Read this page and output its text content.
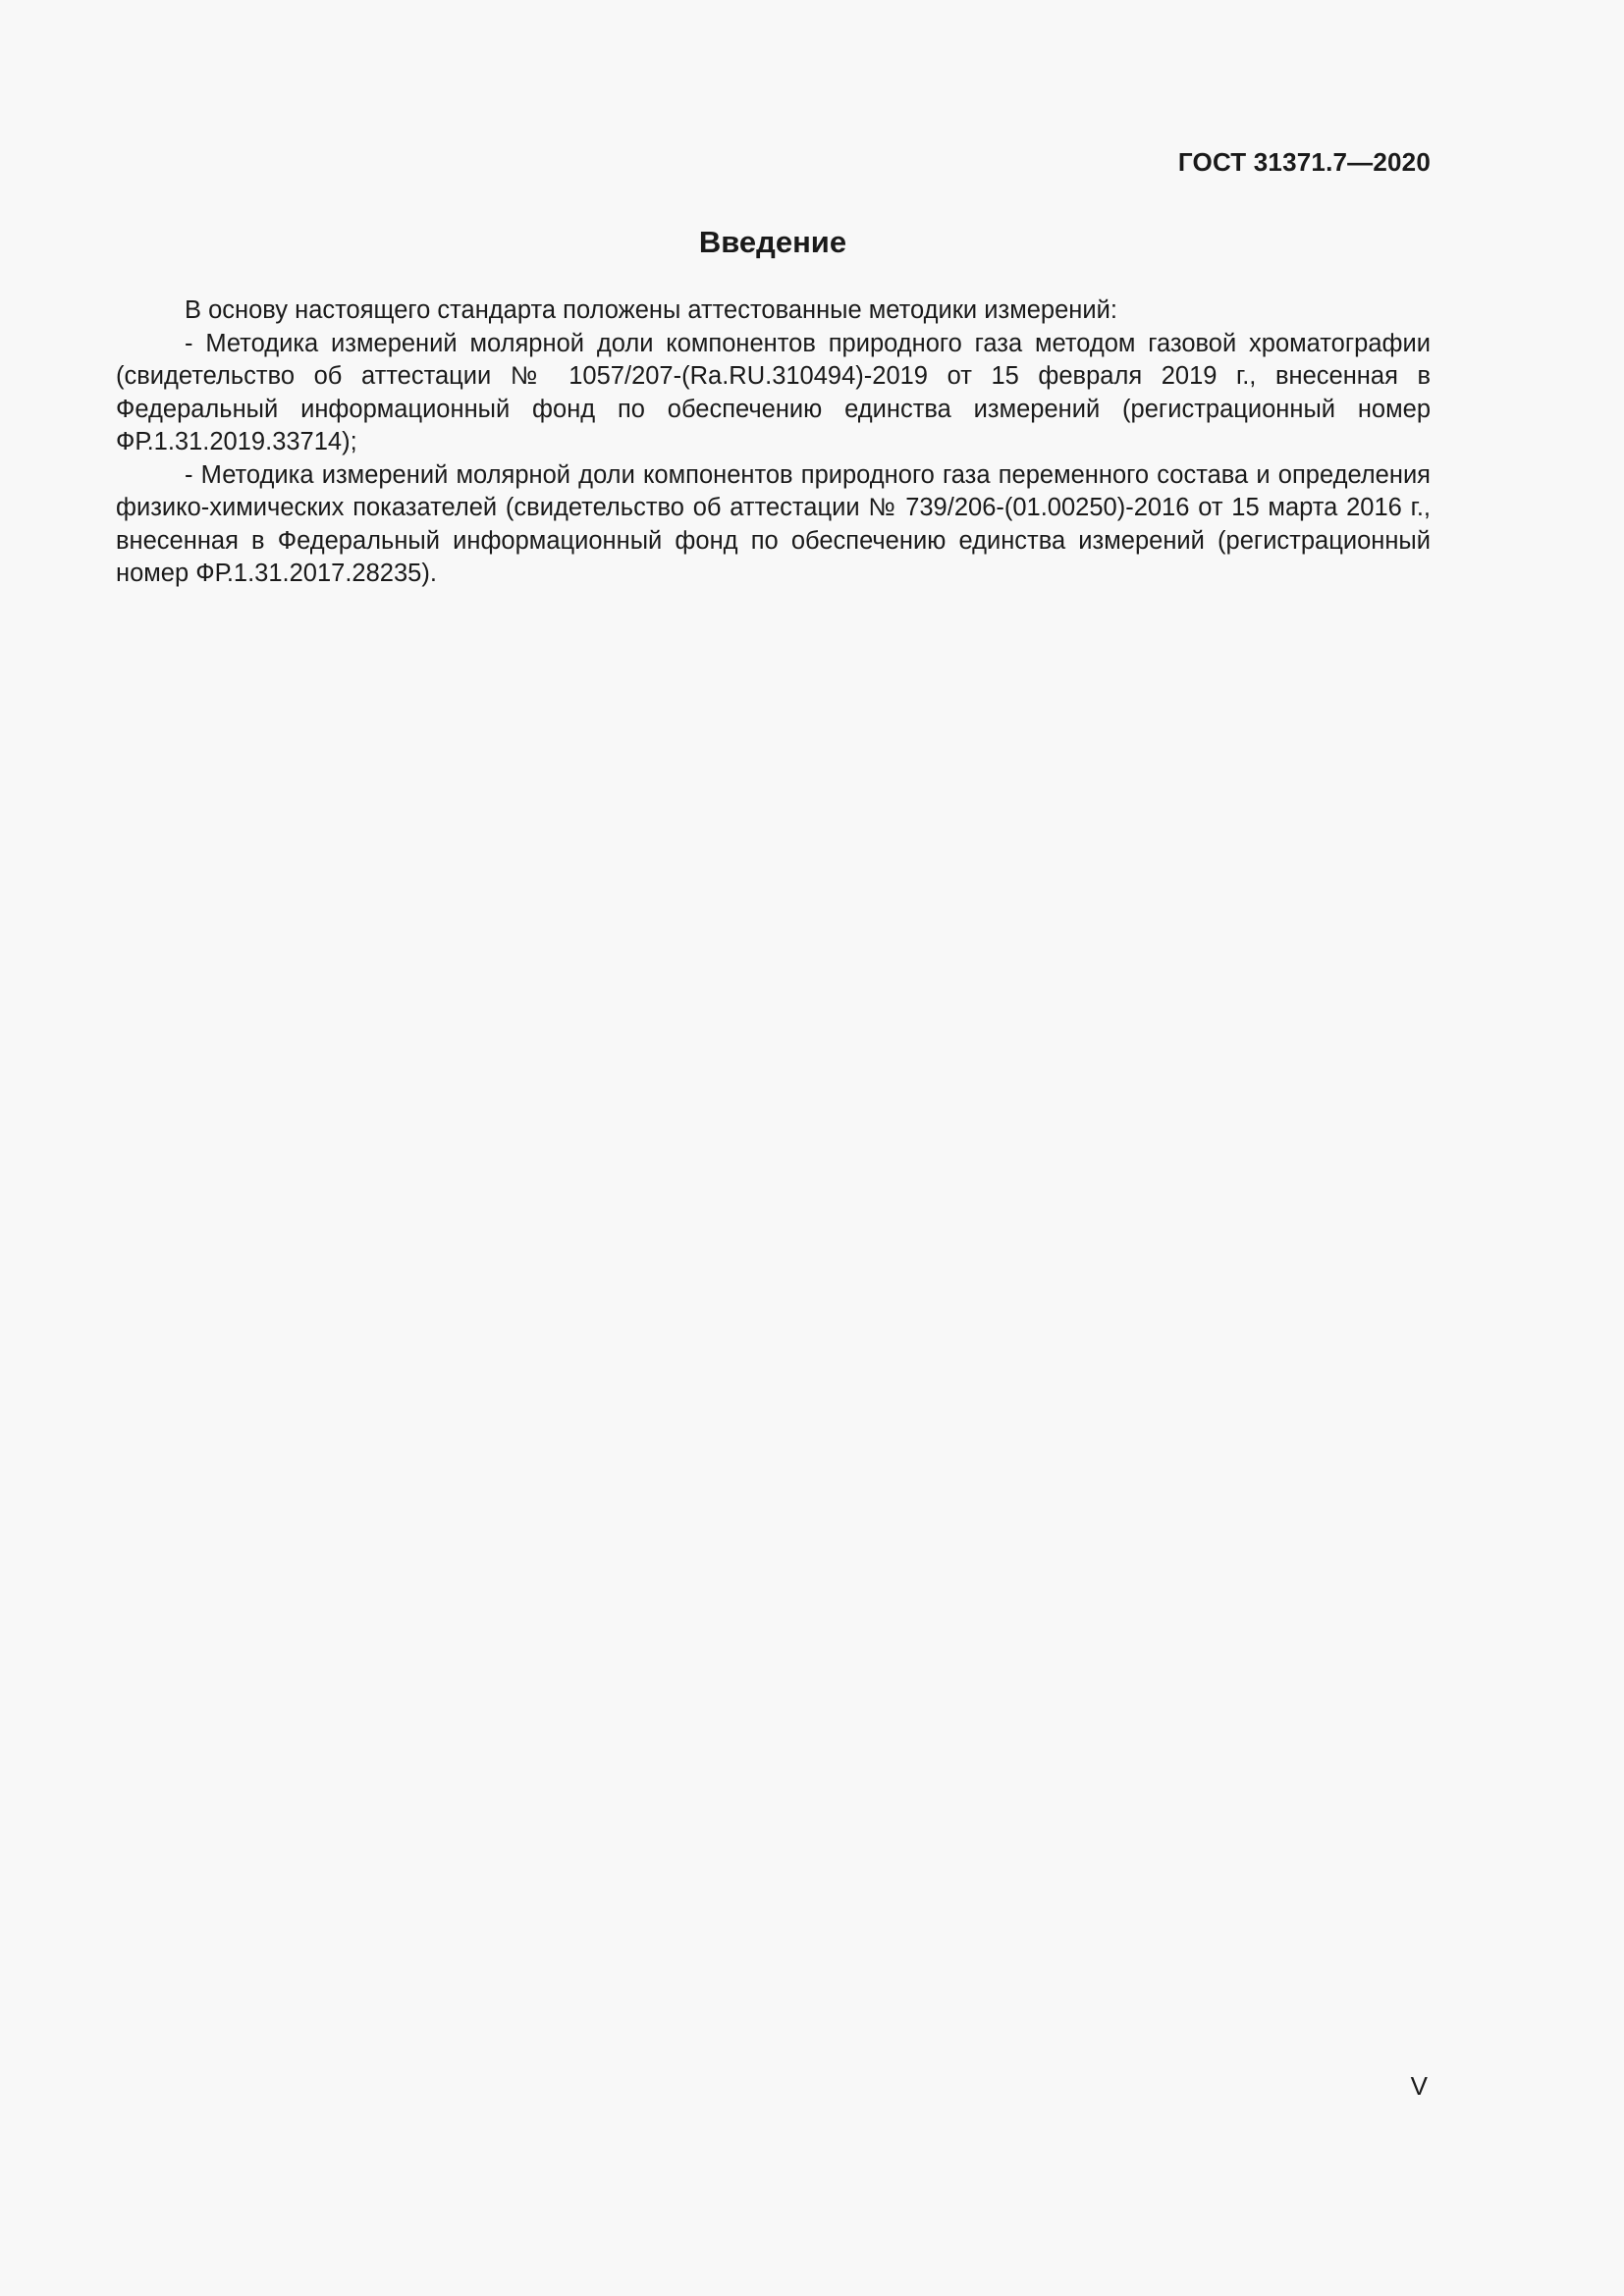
ГОСТ 31371.7—2020
Введение

В основу настоящего стандарта положены аттестованные методики измерений:

- Методика измерений молярной доли компонентов природного газа методом газовой хроматографии (свидетельство об аттестации № 1057/207-(Ra.RU.310494)-2019 от 15 февраля 2019 г., внесенная в Федеральный информационный фонд по обеспечению единства измерений (регистрационный номер ФР.1.31.2019.33714);

- Методика измерений молярной доли компонентов природного газа переменного состава и определения физико-химических показателей (свидетельство об аттестации № 739/206-(01.00250)-2016 от 15 марта 2016 г., внесенная в Федеральный информационный фонд по обеспечению единства измерений (регистрационный номер ФР.1.31.2017.28235).

V
